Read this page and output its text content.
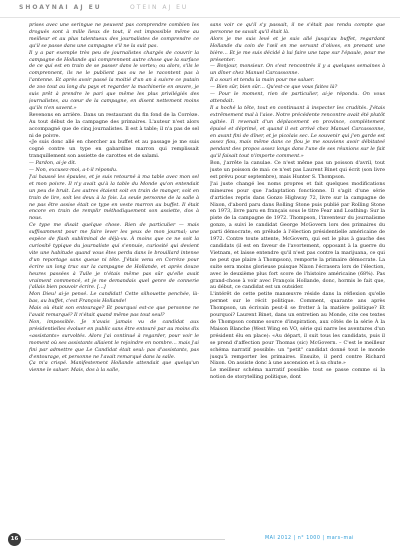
SHOAYNAI AJ EU	OTEIN AJ EU

prises avec une seringue ne peuvent pas comprendre combien les drogués sont à mille lieux de tout, il est impossible même au meilleur et au plus talentueux des journalistes de comprendre ce qu'il se passe dans une campagne s'il ne la suit pas.

Il y a par exemple très peu de journalistes chargés de couvrir la campagne de Hollande qui comprennent autre chose que la surface de ce qui est en train de se passer dans le vortex; ou alors, s'ils le comprennent, ils ne le publient pas ou ne le racontent pas à l'antenne. Et après avoir passé la moitié d'un an à suivre ce putain de zoo tout au long du pays et regarder la machinerie en œuvre, je suis prêt à prendre le pari que même les plus privilégiés des journalistes, au cœur de la campagne, en disent nettement moins qu'ils n'en savent.»

Revenons en arrière. Dans un restaurant du fin fond de la Corrèze. Au tout début de la campagne des primaires. L'auteur n'est alors accompagné que de cinq journalistes. Il est à table; il n'a pas de sel ni de poivre.

«Je suis donc allé en chercher au buffet et au passage je me suis cogné contre un type en gabardine marron qui remplissait tranquillement son assiette de carottes et de salami.

— Pardon, ai-je dit.

— Non, excusez-moi, a-t-il répondu.

J'ai haussé les épaules, et je suis retourné à ma table avec mon sel et mon poivre. Il n'y avait qu'à la table du Monde qu'on entendait un peu de bruit. Les autres étaient soit en train de manger, soit en train de lire, soit les deux à la fois. La seule personne de la salle à ne pas être assise était ce type en veste marron au buffet. Il était encore en train de remplir méthodiquement son assiette, dos à nous.

Ce type me disait quelque chose. Rien de particulier — mais suffisamment pour me faire lever les yeux de mon journal; une espèce de flash subliminal de déjà-vu. À moins que ce ne soit la curiosité typique du journaliste qui s'ennuie, curiosité qui devient vite une habitude quand vous êtes perdu dans le brouillard intense d'un reportage sans queue ni tête. J'étais venu en Corrèze pour écrire un long truc sur la campagne de Hollande, et après douze heures passées à Tulle je n'étais même pas sûr qu'elle avait vraiment commencé, et je me demandais quel genre de connerie j'allais bien pouvoir écrire. […]

Mon Dieu! ai-je pensé. Le candidat! Cette silhouette penchée, là-bas, au buffet, c'est François Hollande!

Mais où était son entourage? Et pourquoi est-ce que personne ne l'avait remarqué? Il n'était quand même pas tout seul?

Non, impossible. Je n'avais jamais vu de candidat aux présidentielles évoluer en public sans être entouré par au moins dix «assistants» survoltés. Alors j'ai continué à regarder, pour voir le moment où ses assistants allaient le rejoindre en nombre… mais j'ai fini par admettre que Le Candidat était seul: pas d'assistants, pas d'entourage, et personne ne l'avait remarqué dans la salle.

Ça m'a crispé. Manifestement Hollande attendait que quelqu'un vienne le saluer. Mais, dos à la salle,

sans voir ce qu'il s'y passait, il ne s'était pas rendu compte que personne ne savait qu'il était là.

Alors je me suis levé et je suis allé jusqu'au buffet, regardant Hollande du coin de l'œil en me servant d'olives, en prenant une bière… Et je me suis décidé à lui faire une tape sur l'épaule, pour me présenter.

— Bonjour, monsieur. On s'est rencontrés il y a quelques semaines à un dîner chez Manuel Carcassonne.

Il a souri et tendu la main pour me saluer.

— Bien sûr, bien sûr… Qu'est-ce que vous faites là?

— Pour le moment, rien de particulier, ai-je répondu. On vous attendait.

Il a hoché la tête, tout en continuant à inspecter les crudités. J'étais extrêmement mal à l'aise. Notre précédente rencontre avait été plutôt agitée. Il revenait d'un déplacement en province, complètement épuisé et déprimé, et quand il est arrivé chez Manuel Carcassonne, en avant fini de dîner, et je picolais sec. Le souvenir qui j'en garde est assez flou, mais même dans ce flou je me souviens avoir débitateé pendant des propos assez longs dans l'une de ses réunions sur le fait qu'il faisait tout n'importe comment.»

Bon, j'arrête la canulae. Ce n'est même pas un poisson d'avril, tout juste un poisson de mai: ce n'est pas Laurent Binet qui écrit (son livre est prévu pour septembre), mais Hunter S. Thompson.

J'ai juste changé les noms propres et fait quelques modifications mineures pour que l'adaptation fonctionne. Il s'agit d'une série d'articles repris dans Gonzo Highway 72, livre sur la campagne de Nixon, d'abord paru dans Rolling Stone puis publié par Rolling Stone en 1973, livre paru en français sous le titre Fear and Loathing: Sur la piste de la campagne de 1972. Thompson, l'inventeur du journalisme gonzo, a suivi le candidat George McGovern lors des primaires du parti démocrate, en prélude à l'élection présidentielle américaine de 1972. Contre toute attente, McGovern, qui est le plus à gauche des candidats (il est en faveur de l'avortement, opposant à la guerre du Vietnam, et laisse entendre qu'il n'est pas contre la marijuana, ce qui ne peut que plaire à Thompson), remporte la primaire démocrate. La suite sera moins glorieuse puisque Nixon l'écrasera lors de l'élection, avec le deuxième plus fort score de l'histoire américaine (68%). Pas grand-chose à voir avec François Hollande, donc, hormis le fait que, au début, ce candidat est un outsider.

L'intérêt de cette petite manœuvre réside dans la réflexion qu'elle permet sur le récit politique. Comment, quarante ans après Thompson, un écrivain peut-il se frotter à la matière politique? Et pourquoi? Laurent Binet, dans un entretien au Monde, cite ces textes de Thompson comme source d'inspiration, aux côtés de la série À la Maison Blanche (West Wing en VO, série qui narre les aventures d'un président élu en place): «Au départ, il suit tous les candidats, puis il se prend d'affection pour Thomas (sic) McGovern. – C'est le meilleur schéma narratif possible: un "petit" candidat donné tout le monde jusqu'à remporter les primaires. Ensuite, il perd contre Richard Nixon. On assiste donc à une ascension et à sa chute.»

Le meilleur schéma narratif possible: tout se passe comme si la notion de storytelling politique, dont

16	MAI 2012 | n° 1000 | mars–mai
